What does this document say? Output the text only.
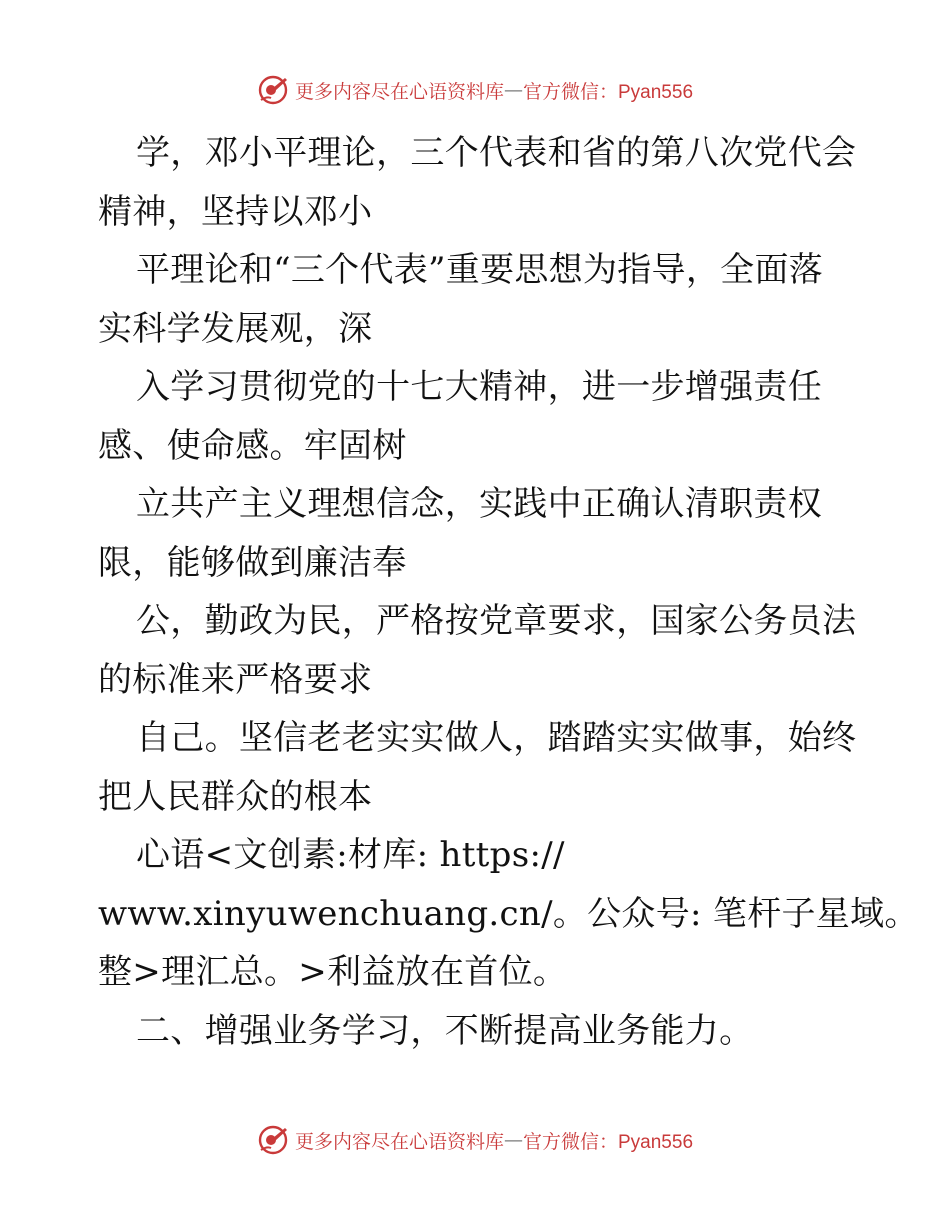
更多内容尽在心语资料库 — 官方微信：Pyan556
学，邓小平理论，三个代表和省的第八次党代会
精神，坚持以邓小
平理论和“三个代表”重要思想为指导，全面落
实科学发展观，深
入学习贯彻党的十七大精神，进一步增强责任
感、使命感。牢固树
立共产主义理想信念，实践中正确认清职责权
限，能够做到廉洁奉
公，勤政为民，严格按党章要求，国家公务员法
的标准来严格要求
自己。坚信老老实实做人，踏踏实实做事，始终
把人民群众的根本
心语<文创素:材库: https://
www.xinyuwenchuang.cn/。公众号: 笔杆子星域。
整>理汇总。>利益放在首位。
二、增强业务学习，不断提高业务能力。
更多内容尽在心语资料库 — 官方微信：Pyan556
